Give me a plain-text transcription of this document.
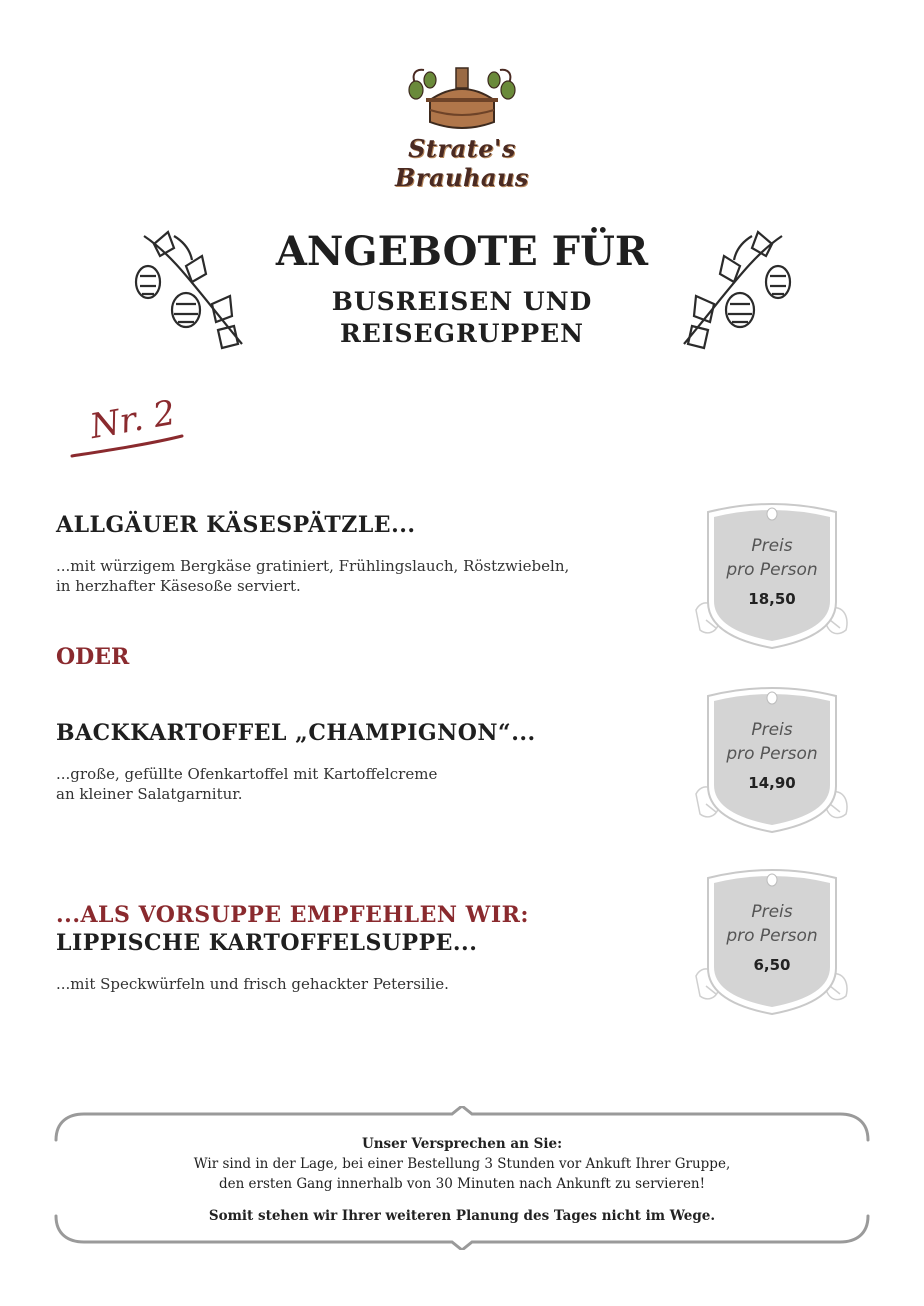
Strate's Brauhaus
ANGEBOTE FÜR
BUSREISEN UND
REISEGRUPPEN
Nr. 2
ALLGÄUER KÄSESPÄTZLE...
...mit würzigem Bergkäse gratiniert, Frühlingslauch, Röstzwiebeln,
in herzhafter Käsesoße serviert.
ODER
BACKKARTOFFEL „CHAMPIGNON“...
...große, gefüllte Ofenkartoffel mit Kartoffelcreme
an kleiner Salatgarnitur.
...ALS VORSUPPE EMPFEHLEN WIR:
LIPPISCHE KARTOFFELSUPPE...
...mit Speckwürfeln und frisch gehackter Petersilie.
Preis
pro Person
18,50
Preis
pro Person
14,90
Preis
pro Person
6,50
Unser Versprechen an Sie:
Wir sind in der Lage, bei einer Bestellung 3 Stunden vor Ankuft Ihrer Gruppe,
den ersten Gang innerhalb von 30 Minuten nach Ankunft zu servieren!
Somit stehen wir Ihrer weiteren Planung des Tages nicht im Wege.
